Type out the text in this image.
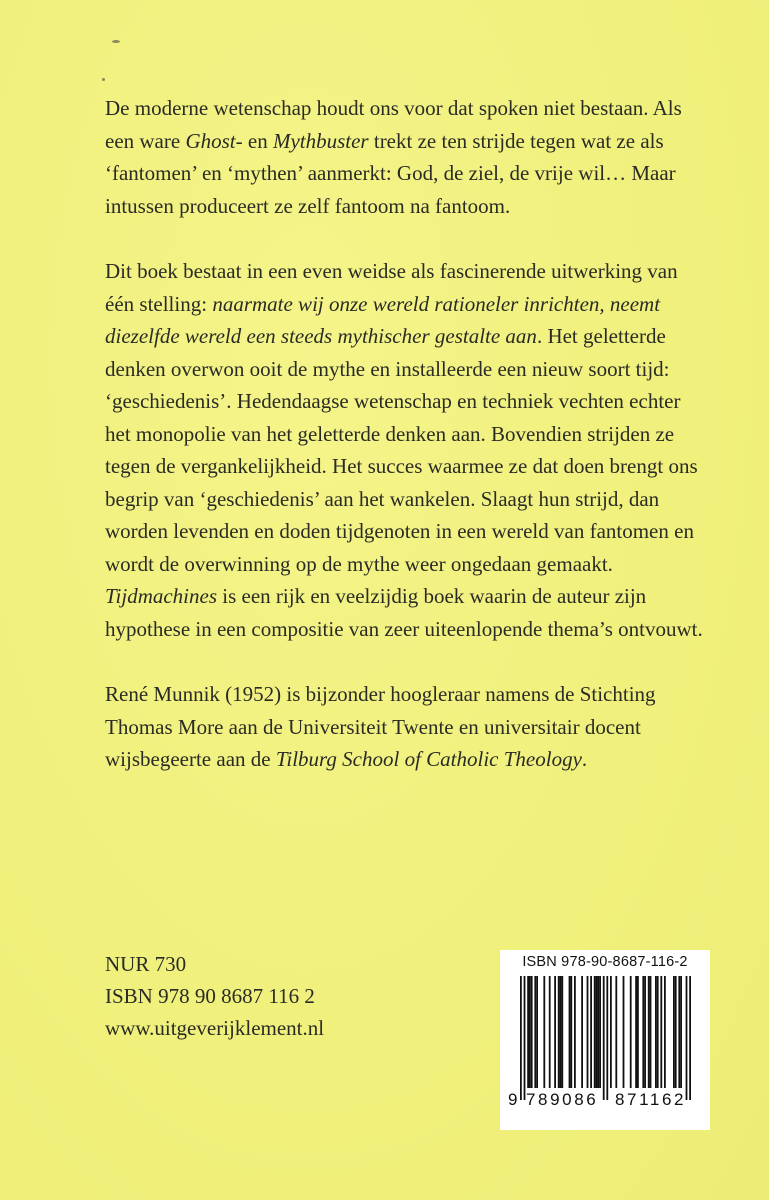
De moderne wetenschap houdt ons voor dat spoken niet bestaan. Als een ware Ghost- en Mythbuster trekt ze ten strijde tegen wat ze als ‘fantomen’ en ‘mythen’ aanmerkt: God, de ziel, de vrije wil… Maar intussen produceert ze zelf fantoom na fantoom.

Dit boek bestaat in een even weidse als fascinerende uitwerking van één stelling: naarmate wij onze wereld rationeler inrichten, neemt diezelfde wereld een steeds mythischer gestalte aan. Het geletterde denken overwon ooit de mythe en installeerde een nieuw soort tijd: ‘geschiedenis’. Hedendaagse wetenschap en techniek vechten echter het monopolie van het geletterde denken aan. Bovendien strijden ze tegen de vergankelijkheid. Het succes waarmee ze dat doen brengt ons begrip van ‘geschiedenis’ aan het wankelen. Slaagt hun strijd, dan worden levenden en doden tijdgenoten in een wereld van fantomen en wordt de overwinning op de mythe weer ongedaan gemaakt. Tijdmachines is een rijk en veelzijdig boek waarin de auteur zijn hypothese in een compositie van zeer uiteenlopende thema’s ontvouwt.

René Munnik (1952) is bijzonder hoogleraar namens de Stichting Thomas More aan de Universiteit Twente en universitair docent wijsbegeerte aan de Tilburg School of Catholic Theology.

NUR 730
ISBN 978 90 8687 116 2
www.uitgeverijklement.nl
ISBN 978-90-8687-116-2
9 789086 871162
